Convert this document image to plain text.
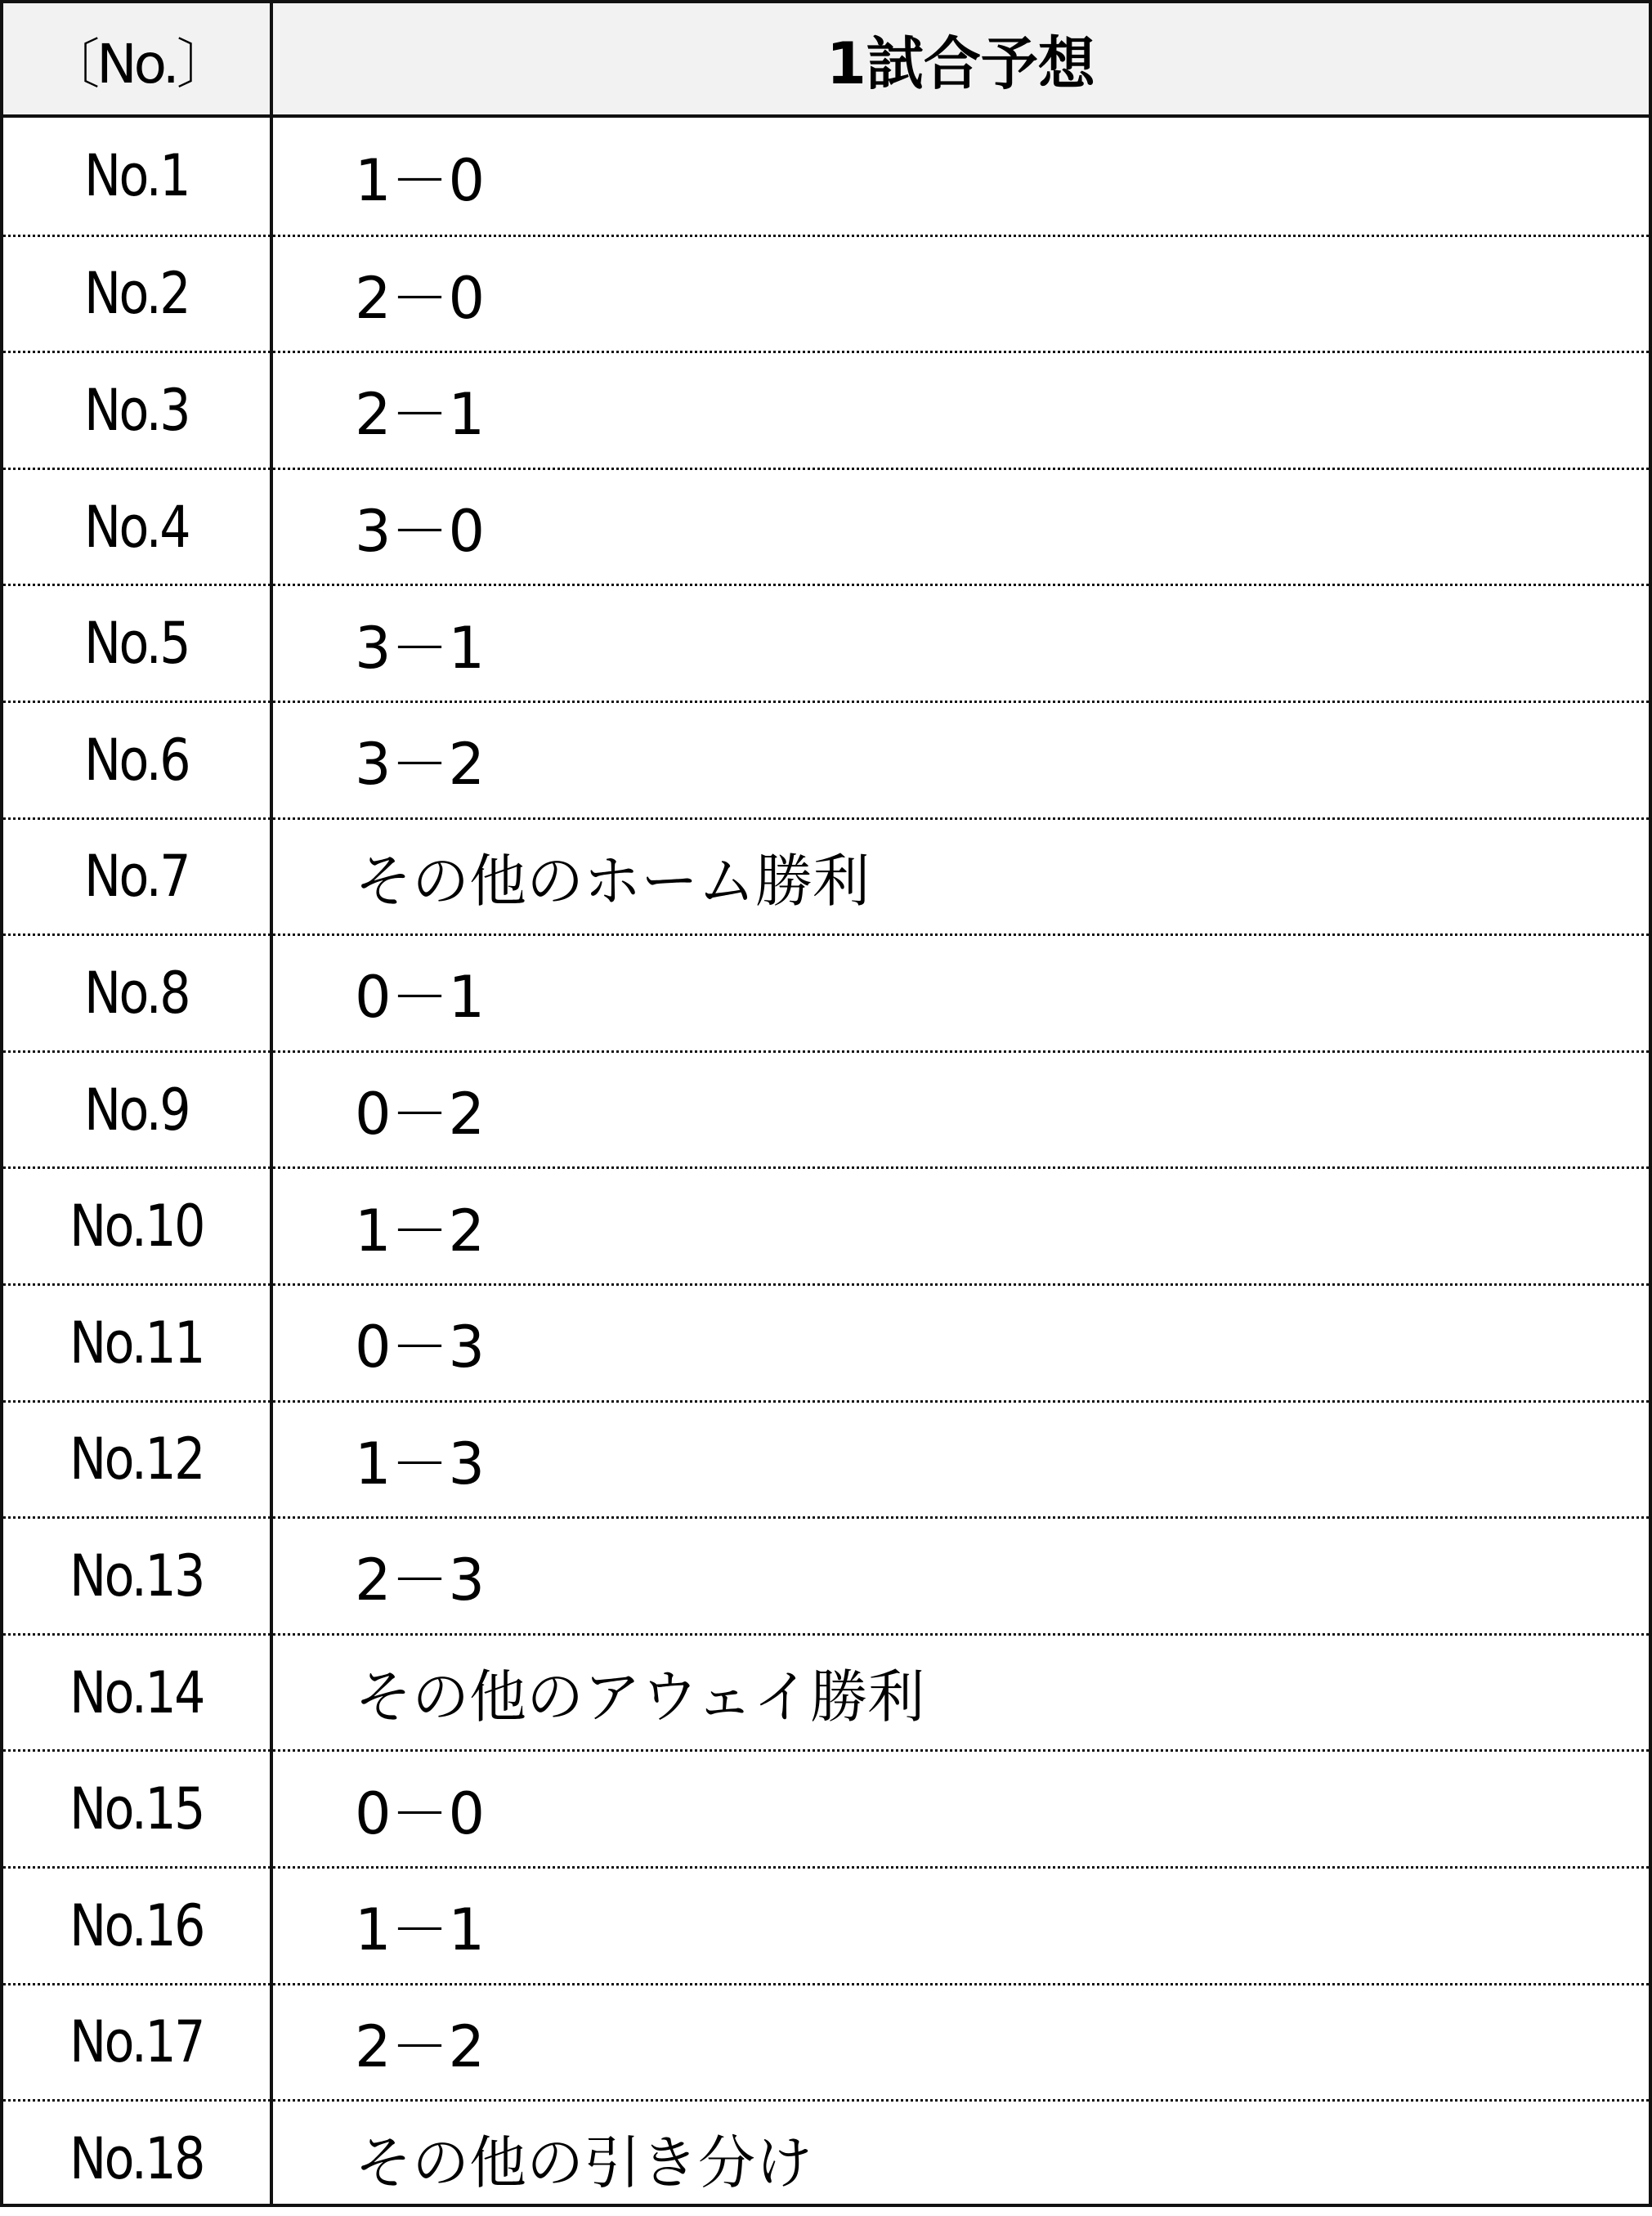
〔No.〕	1試合予想
No.1	1－0
No.2	2－0
No.3	2－1
No.4	3－0
No.5	3－1
No.6	3－2
No.7	その他のホーム勝利
No.8	0－1
No.9	0－2
No.10	1－2
No.11	0－3
No.12	1－3
No.13	2－3
No.14	その他のアウェイ勝利
No.15	0－0
No.16	1－1
No.17	2－2
No.18	その他の引き分け
